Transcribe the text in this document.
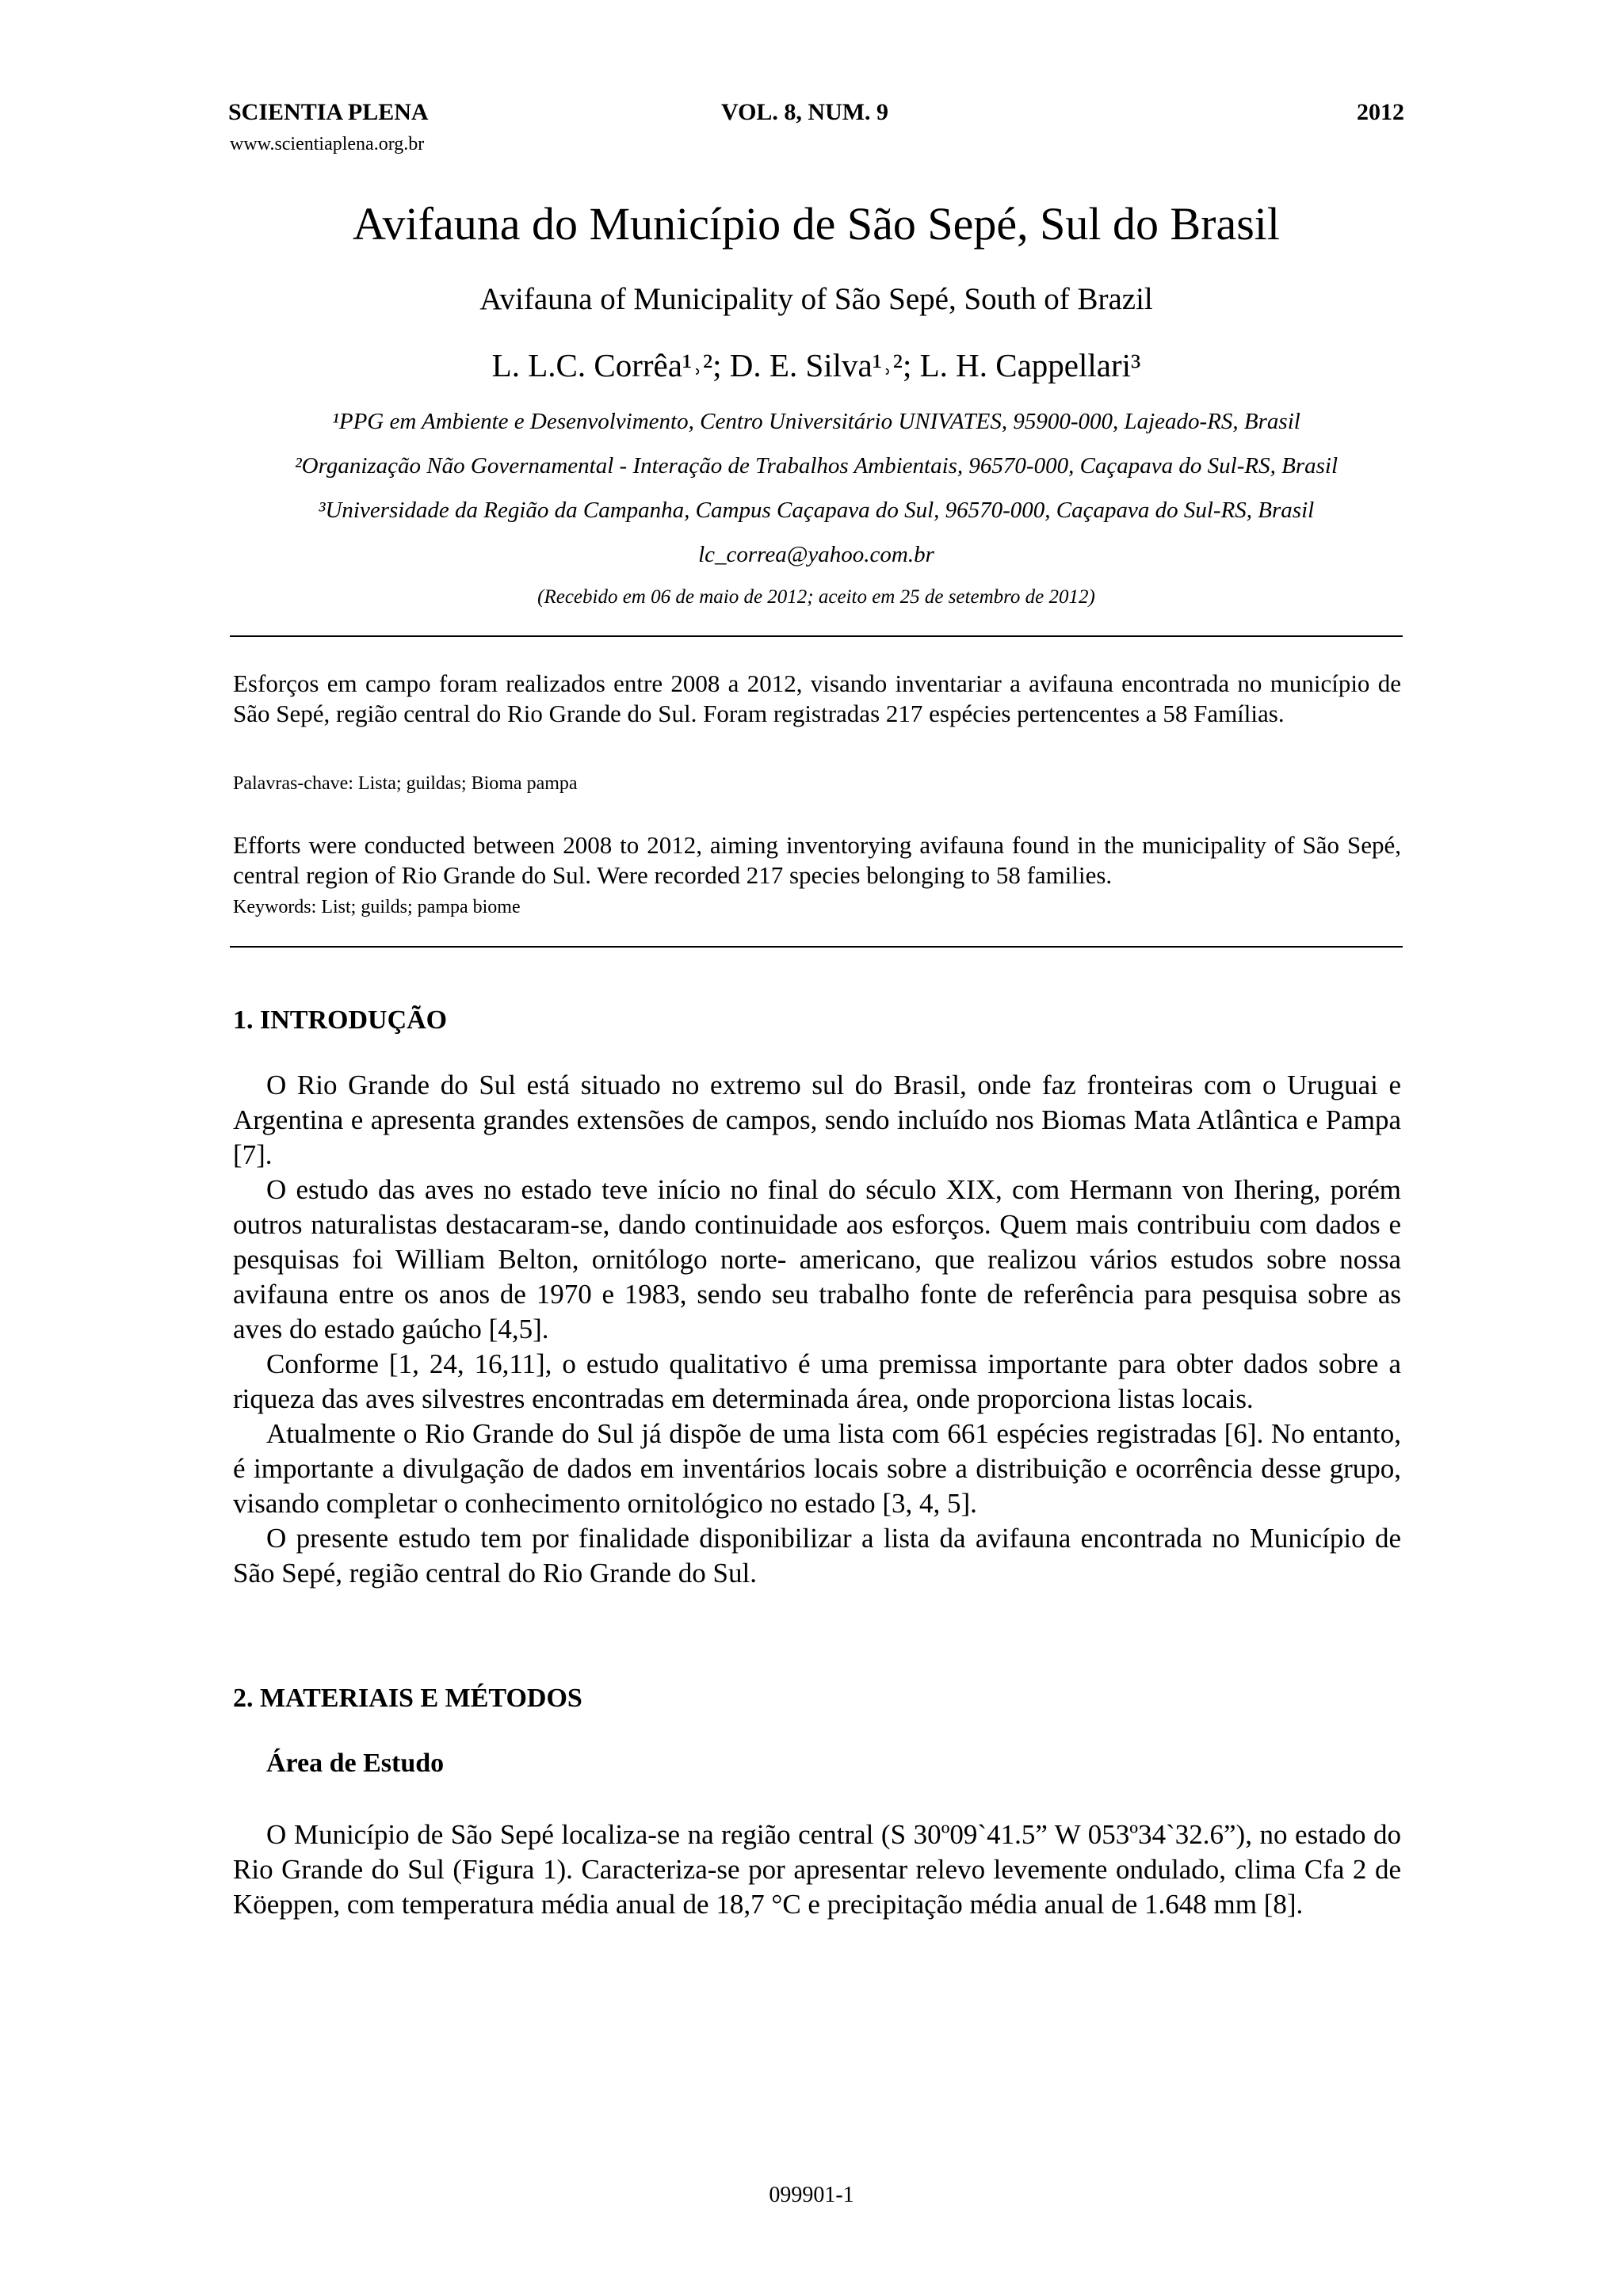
SCIENTIA PLENA	VOL. 8, NUM. 9	2012
www.scientiaplena.org.br
Avifauna do Município de São Sepé, Sul do Brasil
Avifauna of Municipality of São Sepé, South of Brazil
L. L.C. Corrêa¹˒²; D. E. Silva¹˒²; L. H. Cappellari³
¹PPG em Ambiente e Desenvolvimento, Centro Universitário UNIVATES, 95900-000, Lajeado-RS, Brasil
²Organização Não Governamental - Interação de Trabalhos Ambientais, 96570-000, Caçapava do Sul-RS, Brasil
³Universidade da Região da Campanha, Campus Caçapava do Sul, 96570-000, Caçapava do Sul-RS, Brasil
lc_correa@yahoo.com.br
(Recebido em 06 de maio de 2012; aceito em 25 de setembro de 2012)
Esforços em campo foram realizados entre 2008 a 2012, visando inventariar a avifauna encontrada no município de São Sepé, região central do Rio Grande do Sul. Foram registradas 217 espécies pertencentes a 58 Famílias.
Palavras-chave: Lista; guildas; Bioma pampa
Efforts were conducted between 2008 to 2012, aiming inventorying avifauna found in the municipality of São Sepé, central region of Rio Grande do Sul. Were recorded 217 species belonging to 58 families.
Keywords: List; guilds; pampa biome
1. INTRODUÇÃO

O Rio Grande do Sul está situado no extremo sul do Brasil, onde faz fronteiras com o Uruguai e Argentina e apresenta grandes extensões de campos, sendo incluído nos Biomas Mata Atlântica e Pampa [7].

O estudo das aves no estado teve início no final do século XIX, com Hermann von Ihering, porém outros naturalistas destacaram-se, dando continuidade aos esforços. Quem mais contribuiu com dados e pesquisas foi William Belton, ornitólogo norte- americano, que realizou vários estudos sobre nossa avifauna entre os anos de 1970 e 1983, sendo seu trabalho fonte de referência para pesquisa sobre as aves do estado gaúcho [4,5].

Conforme [1, 24, 16,11], o estudo qualitativo é uma premissa importante para obter dados sobre a riqueza das aves silvestres encontradas em determinada área, onde proporciona listas locais.

Atualmente o Rio Grande do Sul já dispõe de uma lista com 661 espécies registradas [6]. No entanto, é importante a divulgação de dados em inventários locais sobre a distribuição e ocorrência desse grupo, visando completar o conhecimento ornitológico no estado [3, 4, 5].

O presente estudo tem por finalidade disponibilizar a lista da avifauna encontrada no Município de São Sepé, região central do Rio Grande do Sul.

2. MATERIAIS E MÉTODOS
Área de Estudo

O Município de São Sepé localiza-se na região central (S 30º09`41.5” W 053º34`32.6”), no estado do Rio Grande do Sul (Figura 1). Caracteriza-se por apresentar relevo levemente ondulado, clima Cfa 2 de Köeppen, com temperatura média anual de 18,7 °C e precipitação média anual de 1.648 mm [8].

099901-1
